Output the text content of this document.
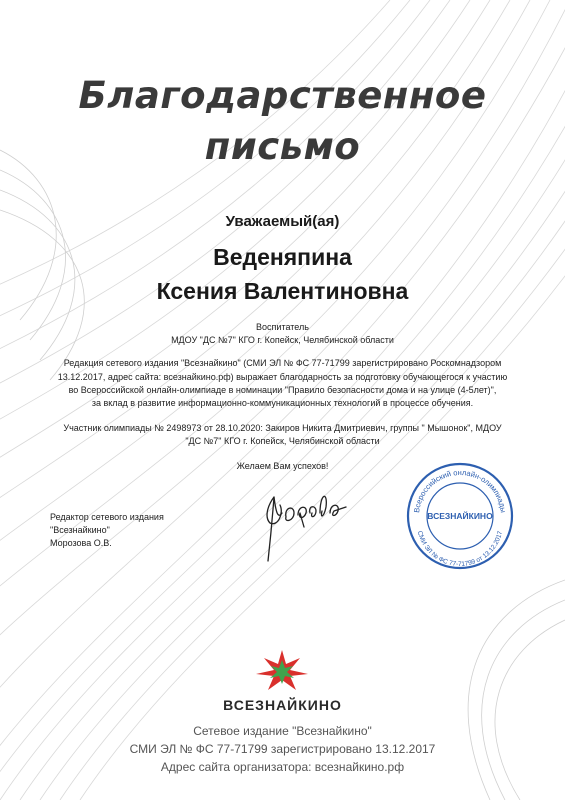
Благодарственное
письмо
Уважаемый(ая)
Веденяпина
Ксения Валентиновна
Воспитатель
МДОУ "ДС №7" КГО г. Копейск, Челябинской области
Редакция сетевого издания "Всезнайкино" (СМИ ЭЛ № ФС 77-71799 зарегистрировано Роскомнадзором
13.12.2017, адрес сайта: всезнайкино.рф) выражает благодарность за подготовку обучающегося к участию
во Всероссийской онлайн-олимпиаде в номинации "Правило безопасности дома и на улице (4-5лет)",
за вклад в развитие информационно-коммуникационных технологий в процессе обучения.
Участник олимпиады № 2498973 от 28.10.2020: Закиров Никита Дмитриевич, группы " Мышонок", МДОУ
"ДС №7" КГО г. Копейск, Челябинской области
Желаем Вам успехов!
Редактор сетевого издания
"Всезнайкино"
Морозова О.В.
Всероссийский онлайн-олимпиады
СМИ ЭЛ № ФС 77-71799 от 13.12.2017
ВСЕЗНАЙКИНО
ВСЕЗНАЙКИНО
Сетевое издание "Всезнайкино"
СМИ ЭЛ № ФС 77-71799 зарегистрировано 13.12.2017
Адрес сайта организатора: всезнайкино.рф
